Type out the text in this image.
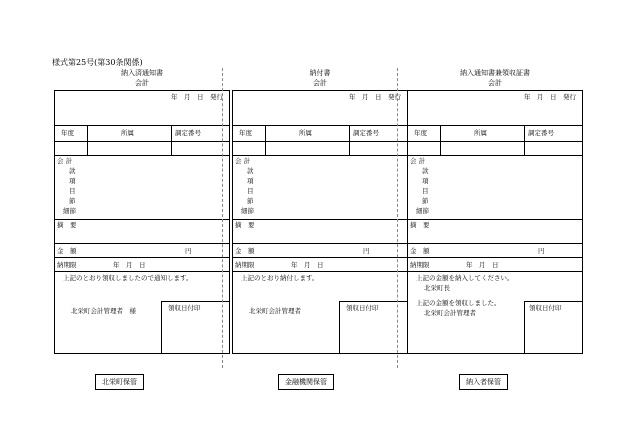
様式第25号(第30条関係)
納入済通知書
会計
年　月　日　発行
年度	所属	調定番号
会 計
款
項
目
節
細節
摘　要
金　額	円
納期限	年　月　日
上記のとおり領収しましたので通知します。
北栄町会計管理者　様	領収日付印
納付書
会計
年　月　日　発行
年度	所属	調定番号
会 計
款
項
目
節
細節
摘　要
金　額	円
納期限	年　月　日
上記のとおり納付します。
北栄町会計管理者	領収日付印
納入通知書兼領収証書
会計
年　月　日　発行
年度	所属	調定番号
会 計
款
項
目
節
細節
摘　要
金　額	円
納期限	年　月　日
上記の金額を納入してください。
北栄町長
上記の金額を領収しました。
北栄町会計管理者
領収日付印
北栄町保管	金融機関保管	納入者保管
